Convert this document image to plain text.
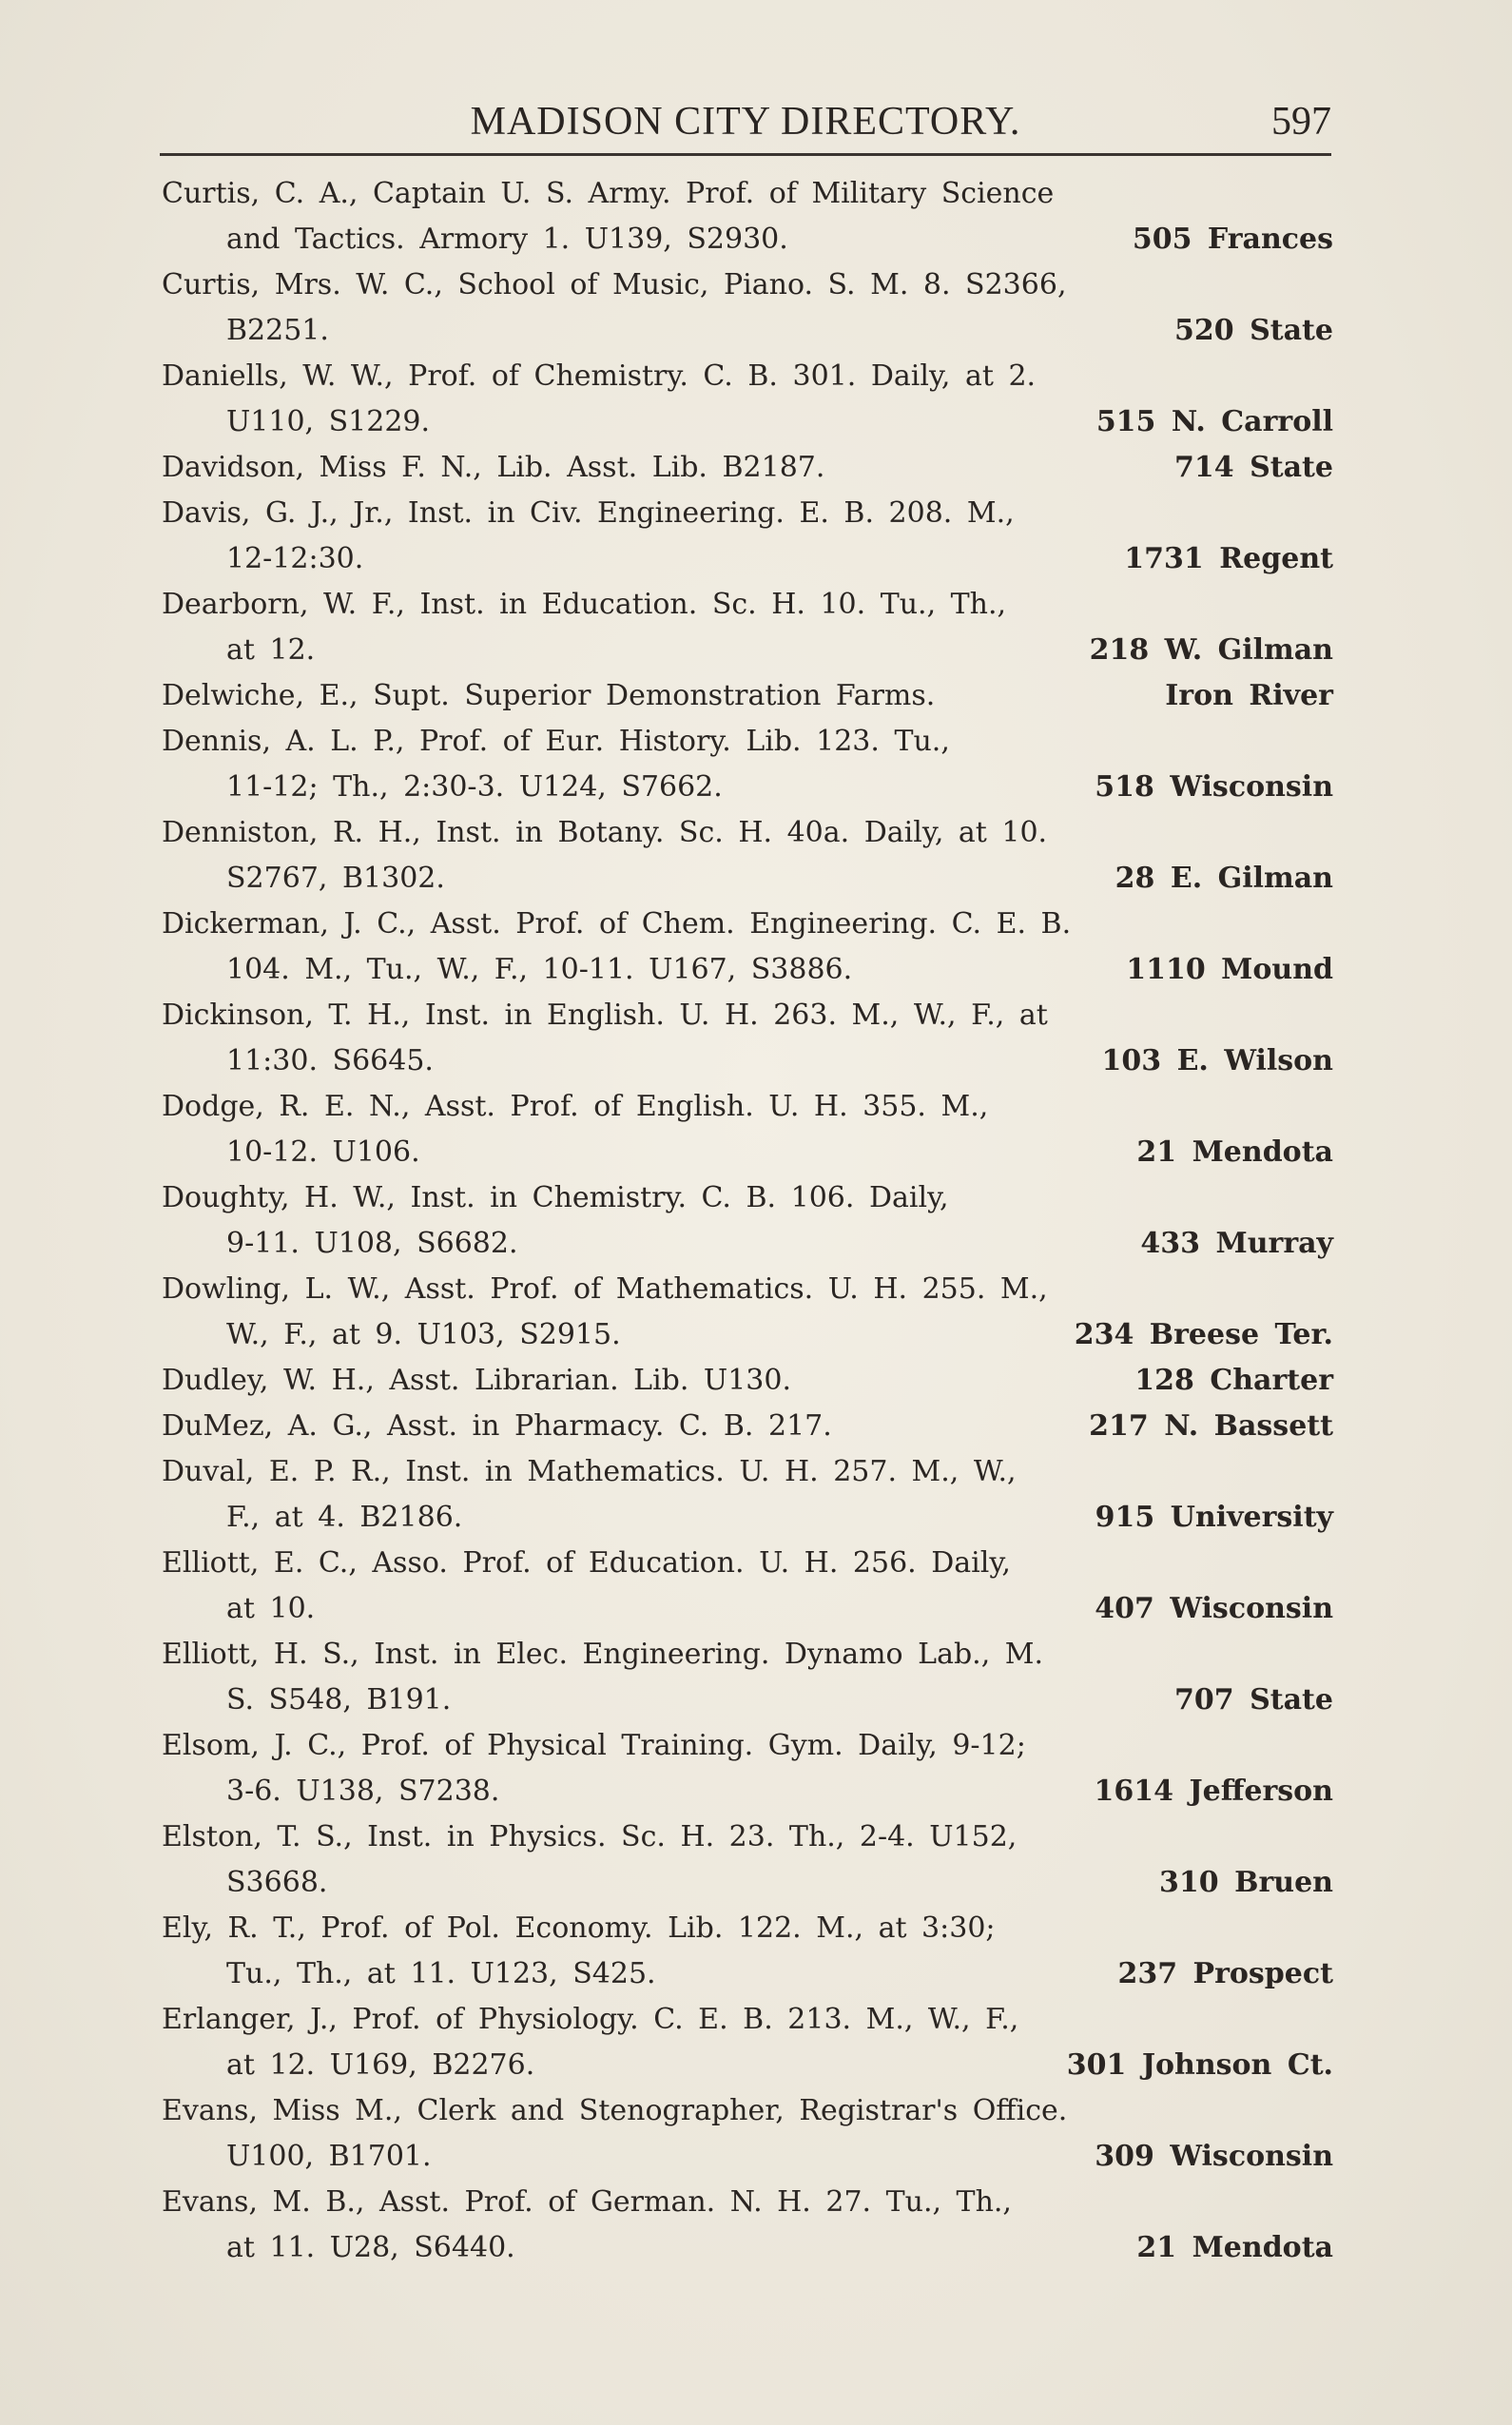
MADISON CITY DIRECTORY.	597
Curtis, C. A., Captain U. S. Army. Prof. of Military Science
and Tactics. Armory 1. U139, S2930.	505 Frances
Curtis, Mrs. W. C., School of Music, Piano. S. M. 8. S2366,
B2251.	520 State
Daniells, W. W., Prof. of Chemistry. C. B. 301. Daily, at 2.
U110, S1229.	515 N. Carroll
Davidson, Miss F. N., Lib. Asst. Lib. B2187.	714 State
Davis, G. J., Jr., Inst. in Civ. Engineering. E. B. 208. M.,
12-12:30.	1731 Regent
Dearborn, W. F., Inst. in Education. Sc. H. 10. Tu., Th.,
at 12.	218 W. Gilman
Delwiche, E., Supt. Superior Demonstration Farms.	Iron River
Dennis, A. L. P., Prof. of Eur. History. Lib. 123. Tu.,
11-12; Th., 2:30-3. U124, S7662.	518 Wisconsin
Denniston, R. H., Inst. in Botany. Sc. H. 40a. Daily, at 10.
S2767, B1302.	28 E. Gilman
Dickerman, J. C., Asst. Prof. of Chem. Engineering. C. E. B.
104. M., Tu., W., F., 10-11. U167, S3886.	1110 Mound
Dickinson, T. H., Inst. in English. U. H. 263. M., W., F., at
11:30. S6645.	103 E. Wilson
Dodge, R. E. N., Asst. Prof. of English. U. H. 355. M.,
10-12. U106.	21 Mendota
Doughty, H. W., Inst. in Chemistry. C. B. 106. Daily,
9-11. U108, S6682.	433 Murray
Dowling, L. W., Asst. Prof. of Mathematics. U. H. 255. M.,
W., F., at 9. U103, S2915.	234 Breese Ter.
Dudley, W. H., Asst. Librarian. Lib. U130.	128 Charter
DuMez, A. G., Asst. in Pharmacy. C. B. 217.	217 N. Bassett
Duval, E. P. R., Inst. in Mathematics. U. H. 257. M., W.,
F., at 4. B2186.	915 University
Elliott, E. C., Asso. Prof. of Education. U. H. 256. Daily,
at 10.	407 Wisconsin
Elliott, H. S., Inst. in Elec. Engineering. Dynamo Lab., M.
S. S548, B191.	707 State
Elsom, J. C., Prof. of Physical Training. Gym. Daily, 9-12;
3-6. U138, S7238.	1614 Jefferson
Elston, T. S., Inst. in Physics. Sc. H. 23. Th., 2-4. U152,
S3668.	310 Bruen
Ely, R. T., Prof. of Pol. Economy. Lib. 122. M., at 3:30;
Tu., Th., at 11. U123, S425.	237 Prospect
Erlanger, J., Prof. of Physiology. C. E. B. 213. M., W., F.,
at 12. U169, B2276.	301 Johnson Ct.
Evans, Miss M., Clerk and Stenographer, Registrar's Office.
U100, B1701.	309 Wisconsin
Evans, M. B., Asst. Prof. of German. N. H. 27. Tu., Th.,
at 11. U28, S6440.	21 Mendota
